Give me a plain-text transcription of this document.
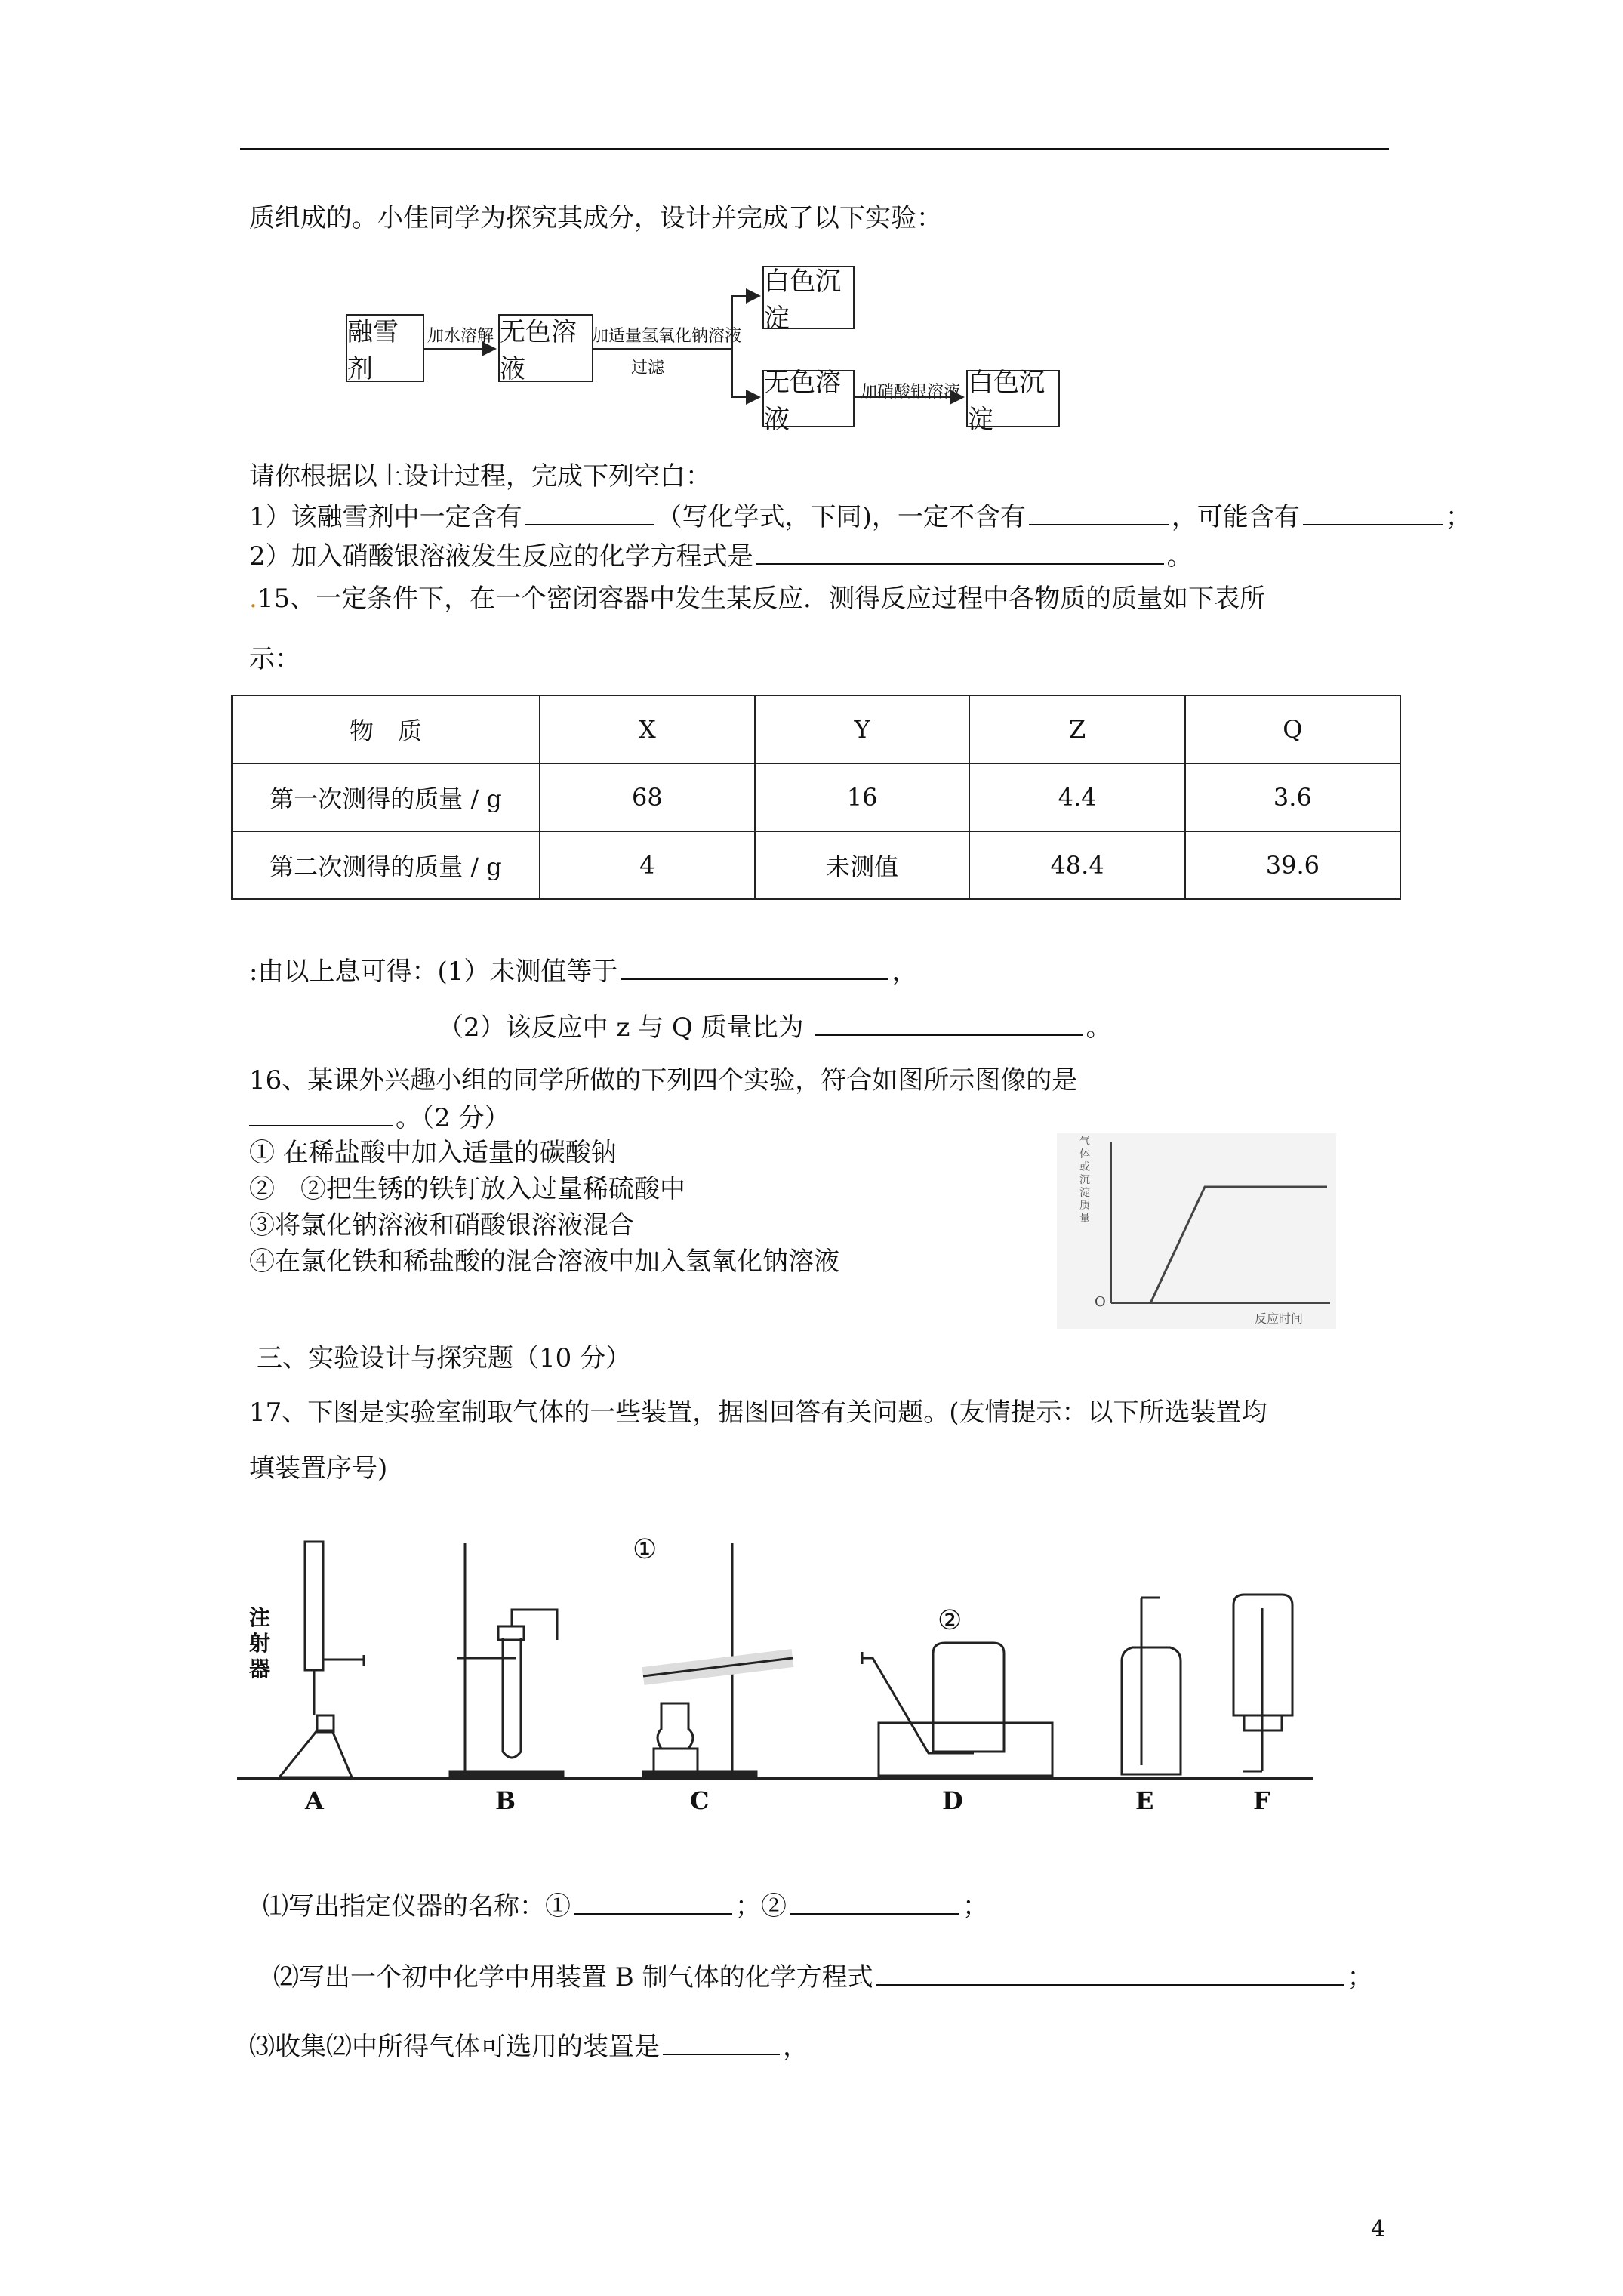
质组成的。小佳同学为探究其成分，设计并完成了以下实验：
融雪剂
无色溶液
白色沉淀
无色溶液
白色沉淀
加水溶解	加适量氢氧化钠溶液
过滤
加硝酸银溶液
请你根据以上设计过程，完成下列空白：
1）该融雪剂中一定含有	（写化学式，下同)，一定不含有	，可能含有	；
2）加入硝酸银溶液发生反应的化学方程式是	。
.15、一定条件下，在一个密闭容器中发生某反应．测得反应过程中各物质的质量如下表所
示：
物　质	X	Y	Z	Q
第一次测得的质量 / g	68	16	4.4	3.6
第二次测得的质量 / g	4	未测值	48.4	39.6
:由以上息可得：(1）未测值等于	，
（2）该反应中 z 与 Q 质量比为	。
16、某课外兴趣小组的同学所做的下列四个实验，符合如图所示图像的是
。（2 分）
① 在稀盐酸中加入适量的碳酸钠
②　②把生锈的铁钉放入过量稀硫酸中
③将氯化钠溶液和硝酸银溶液混合
④在氯化铁和稀盐酸的混合溶液中加入氢氧化钠溶液
气体或沉淀质量
O
反应时间
三、实验设计与探究题（10 分）
17、下图是实验室制取气体的一些装置，据图回答有关问题。(友情提示：以下所选装置均
填装置序号)
注射器
①
②
A	B	C	D	E	F
⑴写出指定仪器的名称：①	；②	；
⑵写出一个初中化学中用装置 B 制气体的化学方程式	；
⑶收集⑵中所得气体可选用的装置是	，
4
